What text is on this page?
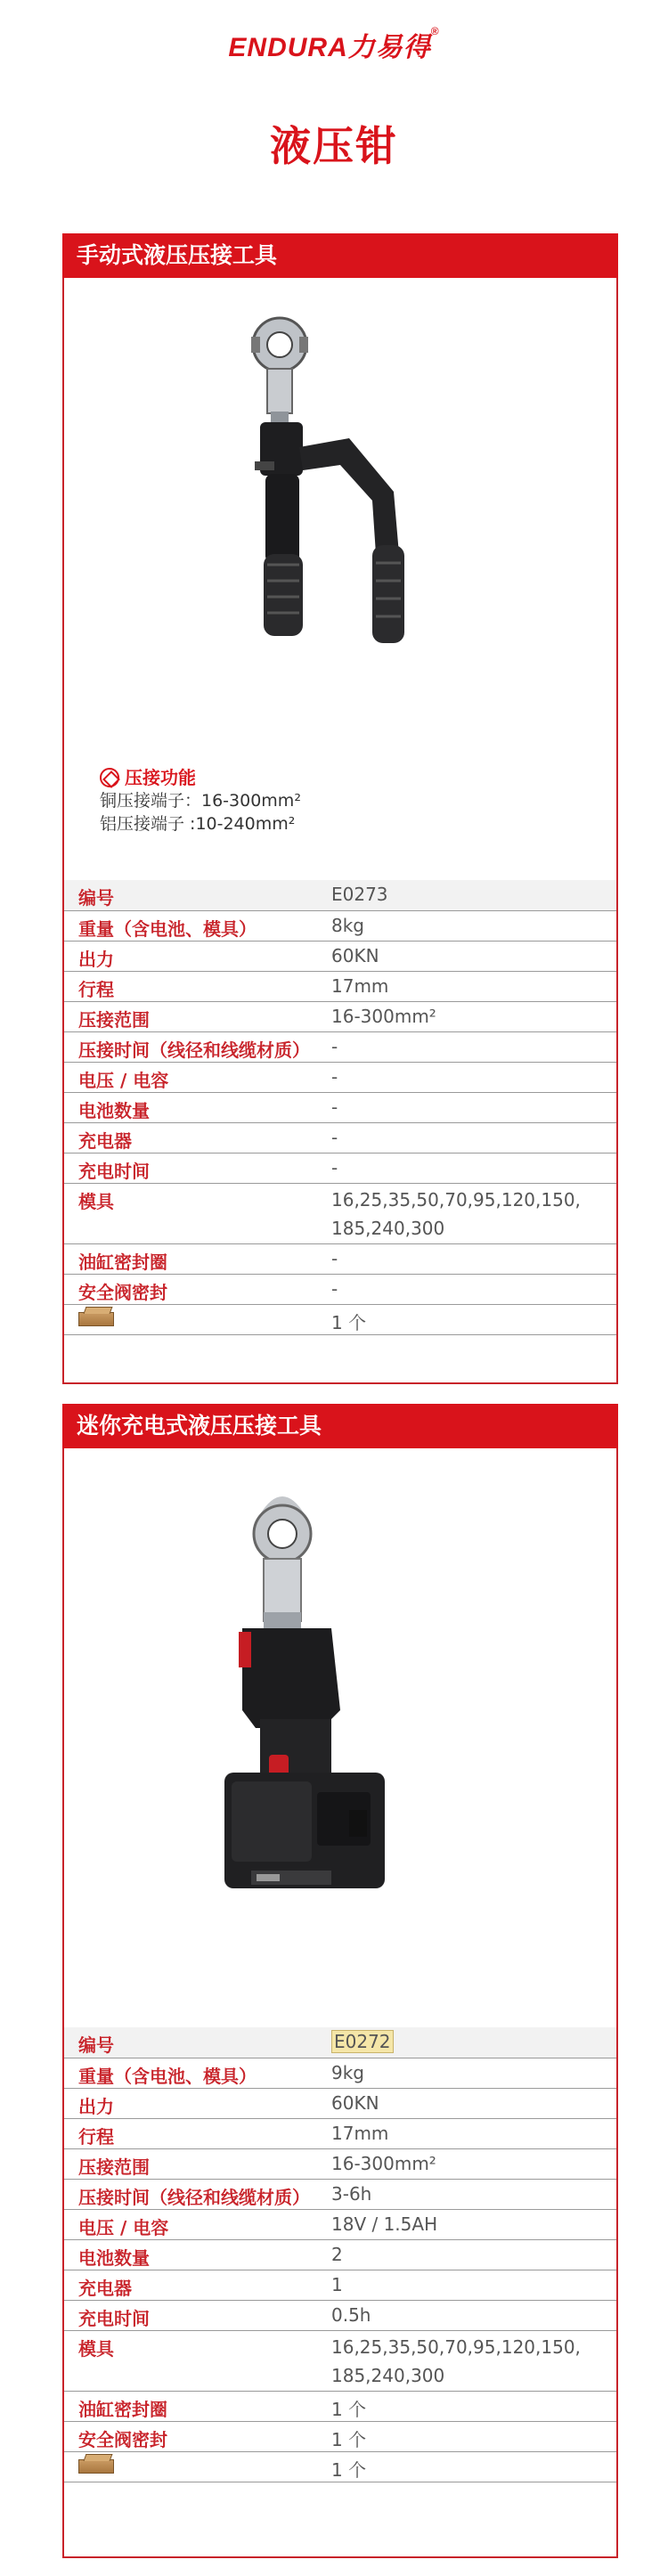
ENDURA力易得®
液压钳
手动式液压压接工具
压接功能
铜压接端子：16-300mm²
铝压接端子 :10-240mm²
编号	E0273
重量（含电池、模具）	8kg
出力	60KN
行程	17mm
压接范围	16-300mm²
压接时间（线径和线缆材质）	-
电压 / 电容	-
电池数量	-
充电器	-
充电时间	-
模具	16,25,35,50,70,95,120,150,
185,240,300

油缸密封圈	-
安全阀密封	-
	1 个
迷你充电式液压压接工具
编号	E0272
重量（含电池、模具）	9kg
出力	60KN
行程	17mm
压接范围	16-300mm²
压接时间（线径和线缆材质）	3-6h
电压 / 电容	18V / 1.5AH
电池数量	2
充电器	1
充电时间	0.5h
模具	16,25,35,50,70,95,120,150,
185,240,300

油缸密封圈	1 个
安全阀密封	1 个
	1 个
